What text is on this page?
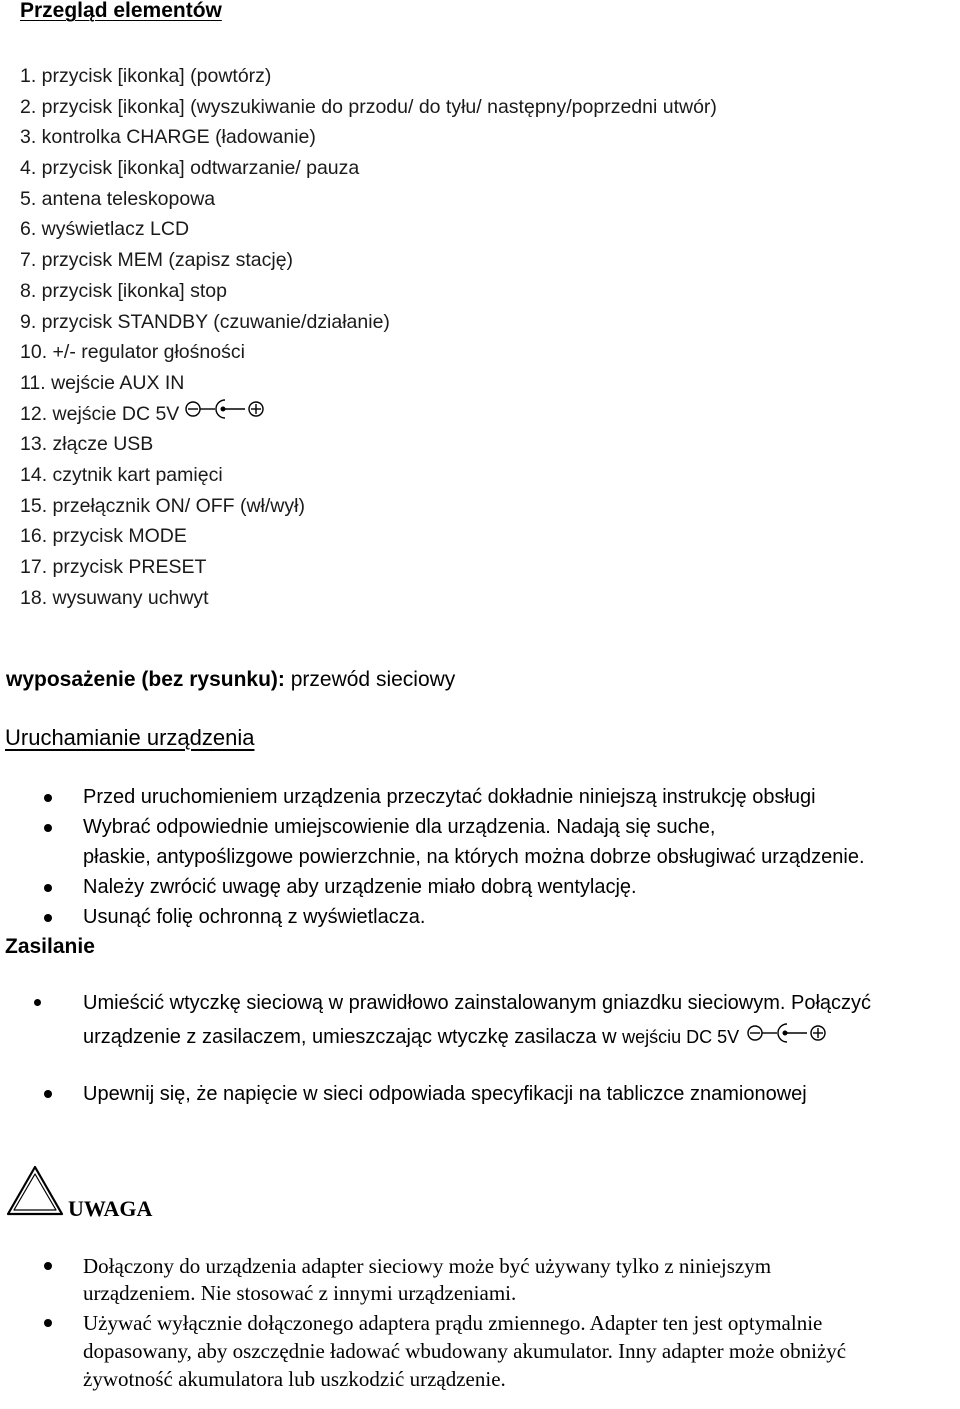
Przegląd elementów
1. przycisk [ikonka] (powtórz)
2. przycisk [ikonka] (wyszukiwanie do przodu/ do tyłu/ następny/poprzedni utwór)
3. kontrolka CHARGE (ładowanie)
4. przycisk [ikonka] odtwarzanie/ pauza
5. antena teleskopowa
6. wyświetlacz LCD
7. przycisk MEM (zapisz stację)
8. przycisk [ikonka] stop
9. przycisk STANDBY (czuwanie/działanie)
10. +/- regulator głośności
11. wejście AUX IN
12. wejście DC 5V
13. złącze USB
14. czytnik kart pamięci
15. przełącznik ON/ OFF (wł/wył)
16. przycisk MODE
17. przycisk PRESET
18. wysuwany uchwyt
wyposażenie (bez rysunku): przewód sieciowy
Uruchamianie urządzenia
Przed uruchomieniem urządzenia przeczytać dokładnie niniejszą instrukcję obsługi
Wybrać odpowiednie umiejscowienie dla urządzenia. Nadają się suche,
płaskie, antypoślizgowe powierzchnie, na których można dobrze obsługiwać urządzenie.
Należy zwrócić uwagę aby urządzenie miało dobrą wentylację.
Usunąć folię ochronną z wyświetlacza.
Zasilanie
Umieścić wtyczkę sieciową w prawidłowo zainstalowanym gniazdku sieciowym. Połączyć
urządzenie z zasilaczem, umieszczając wtyczkę zasilacza w wejściu DC 5V
Upewnij się, że napięcie w sieci odpowiada specyfikacji na tabliczce znamionowej
UWAGA
Dołączony do urządzenia adapter sieciowy może być używany tylko z niniejszym
urządzeniem. Nie stosować z innymi urządzeniami.
Używać wyłącznie dołączonego adaptera prądu zmiennego. Adapter ten jest optymalnie
dopasowany, aby oszczędnie ładować wbudowany akumulator. Inny adapter może obniżyć
żywotność akumulatora lub uszkodzić urządzenie.
